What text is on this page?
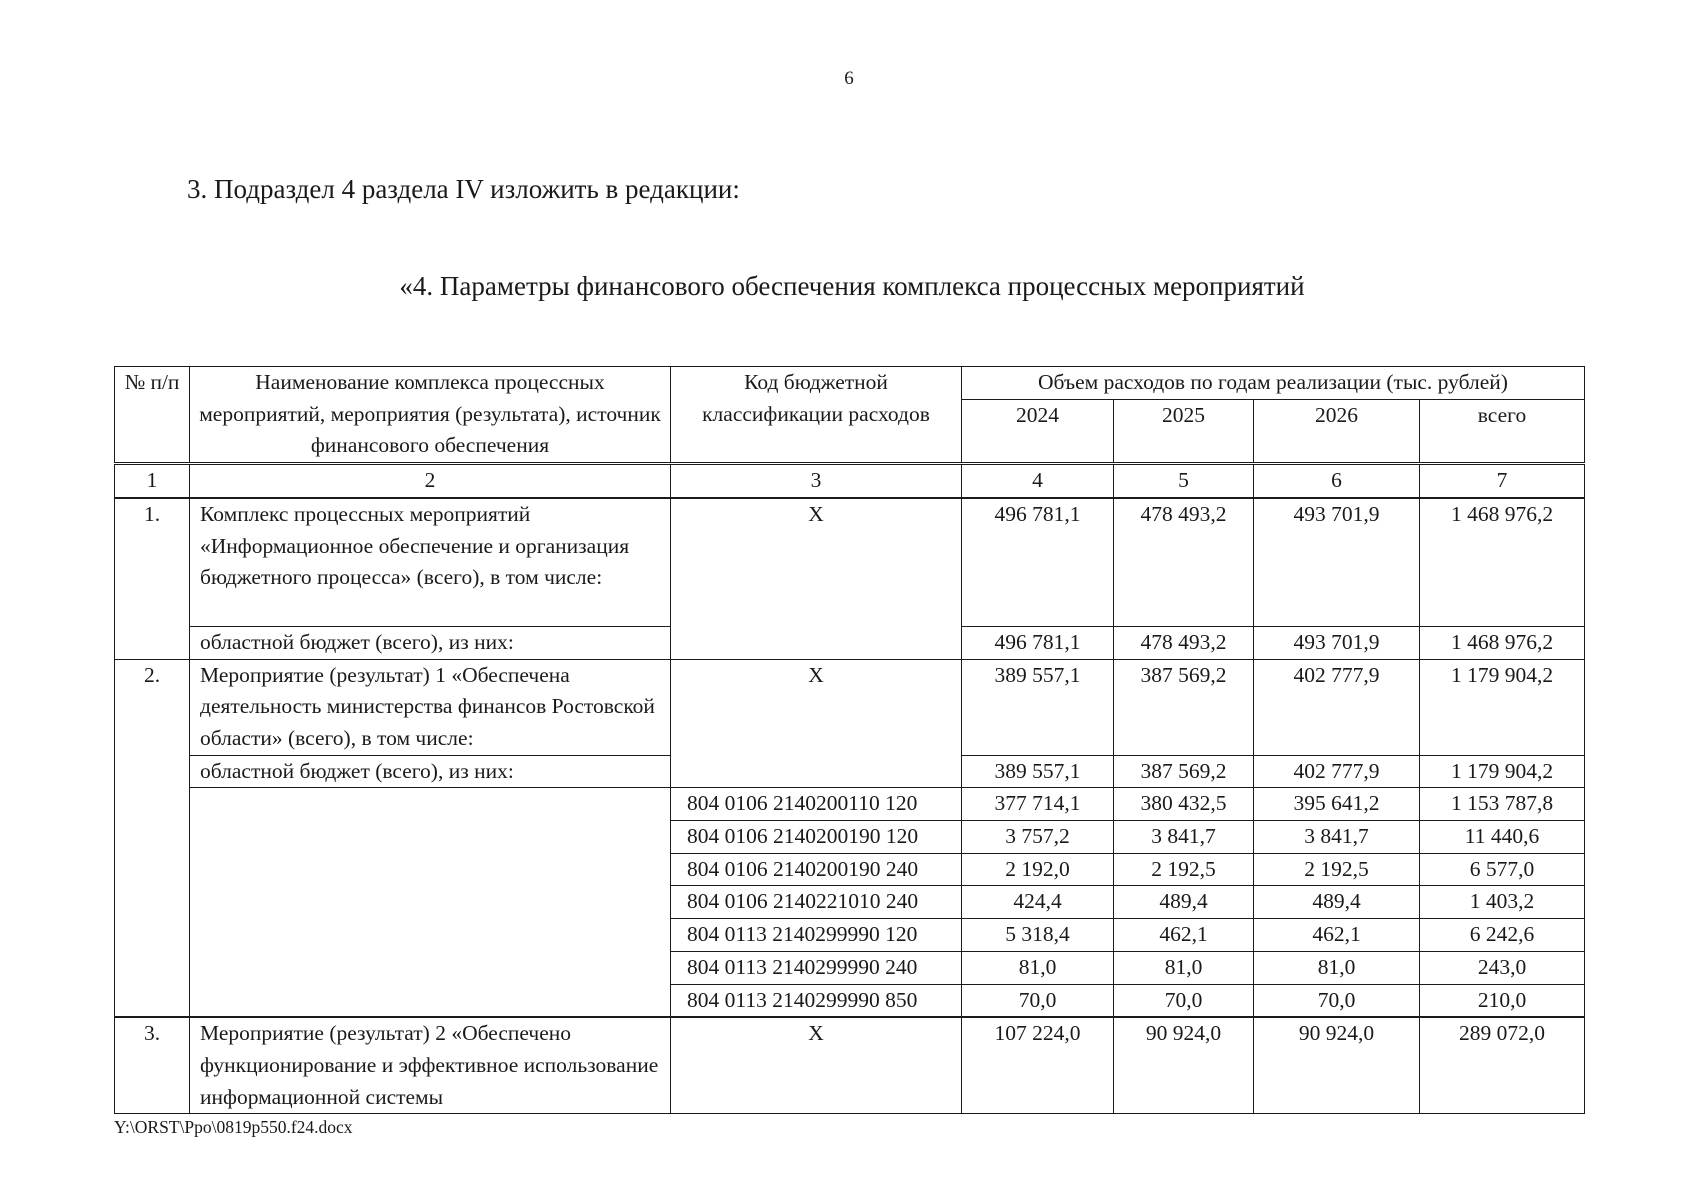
6
3. Подраздел 4 раздела IV изложить в редакции:
«4. Параметры финансового обеспечения комплекса процессных мероприятий
№ п/п	Наименование комплекса процессных мероприятий, мероприятия (результата), источник финансового обеспечения	Код бюджетной классификации расходов	Объем расходов по годам реализации (тыс. рублей)			
			2024	2025	2026	всего
1	2	3	4	5	6	7
1.	Комплекс процессных мероприятий «Информационное обеспечение и организация бюджетного процесса» (всего), в том числе:	X	496 781,1	478 493,2	493 701,9	1 468 976,2
	областной бюджет (всего), из них:		496 781,1	478 493,2	493 701,9	1 468 976,2
2.	Мероприятие (результат) 1 «Обеспечена деятельность министерства финансов Ростовской области» (всего), в том числе:	X	389 557,1	387 569,2	402 777,9	1 179 904,2
	областной бюджет (всего), из них:		389 557,1	387 569,2	402 777,9	1 179 904,2
		804 0106 2140200110 120	377 714,1	380 432,5	395 641,2	1 153 787,8
		804 0106 2140200190 120	3 757,2	3 841,7	3 841,7	11 440,6
		804 0106 2140200190 240	2 192,0	2 192,5	2 192,5	6 577,0
		804 0106 2140221010 240	424,4	489,4	489,4	1 403,2
		804 0113 2140299990 120	5 318,4	462,1	462,1	6 242,6
		804 0113 2140299990 240	81,0	81,0	81,0	243,0
		804 0113 2140299990 850	70,0	70,0	70,0	210,0
3.	Мероприятие (результат) 2 «Обеспечено функционирование и эффективное использование информационной системы	X	107 224,0	90 924,0	90 924,0	289 072,0
Y:\ORST\Ppo\0819p550.f24.docx
